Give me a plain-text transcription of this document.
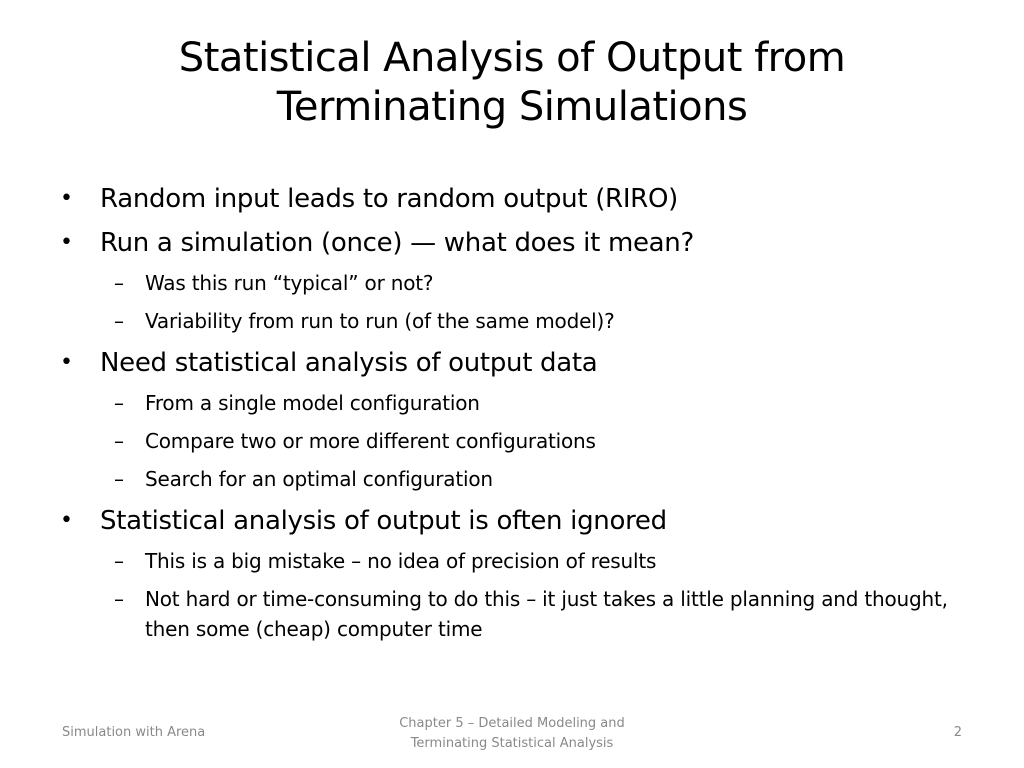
Statistical Analysis of Output from
Terminating Simulations
• Random input leads to random output (RIRO)
• Run a simulation (once) — what does it mean?
– Was this run “typical” or not?
– Variability from run to run (of the same model)?
• Need statistical analysis of output data
– From a single model configuration
– Compare two or more different configurations
– Search for an optimal configuration
• Statistical analysis of output is often ignored
– This is a big mistake – no idea of precision of results
– Not hard or time-consuming to do this – it just takes a little planning and thought, then some (cheap) computer time
Simulation with Arena
Chapter 5 – Detailed Modeling and
Terminating Statistical Analysis
2
